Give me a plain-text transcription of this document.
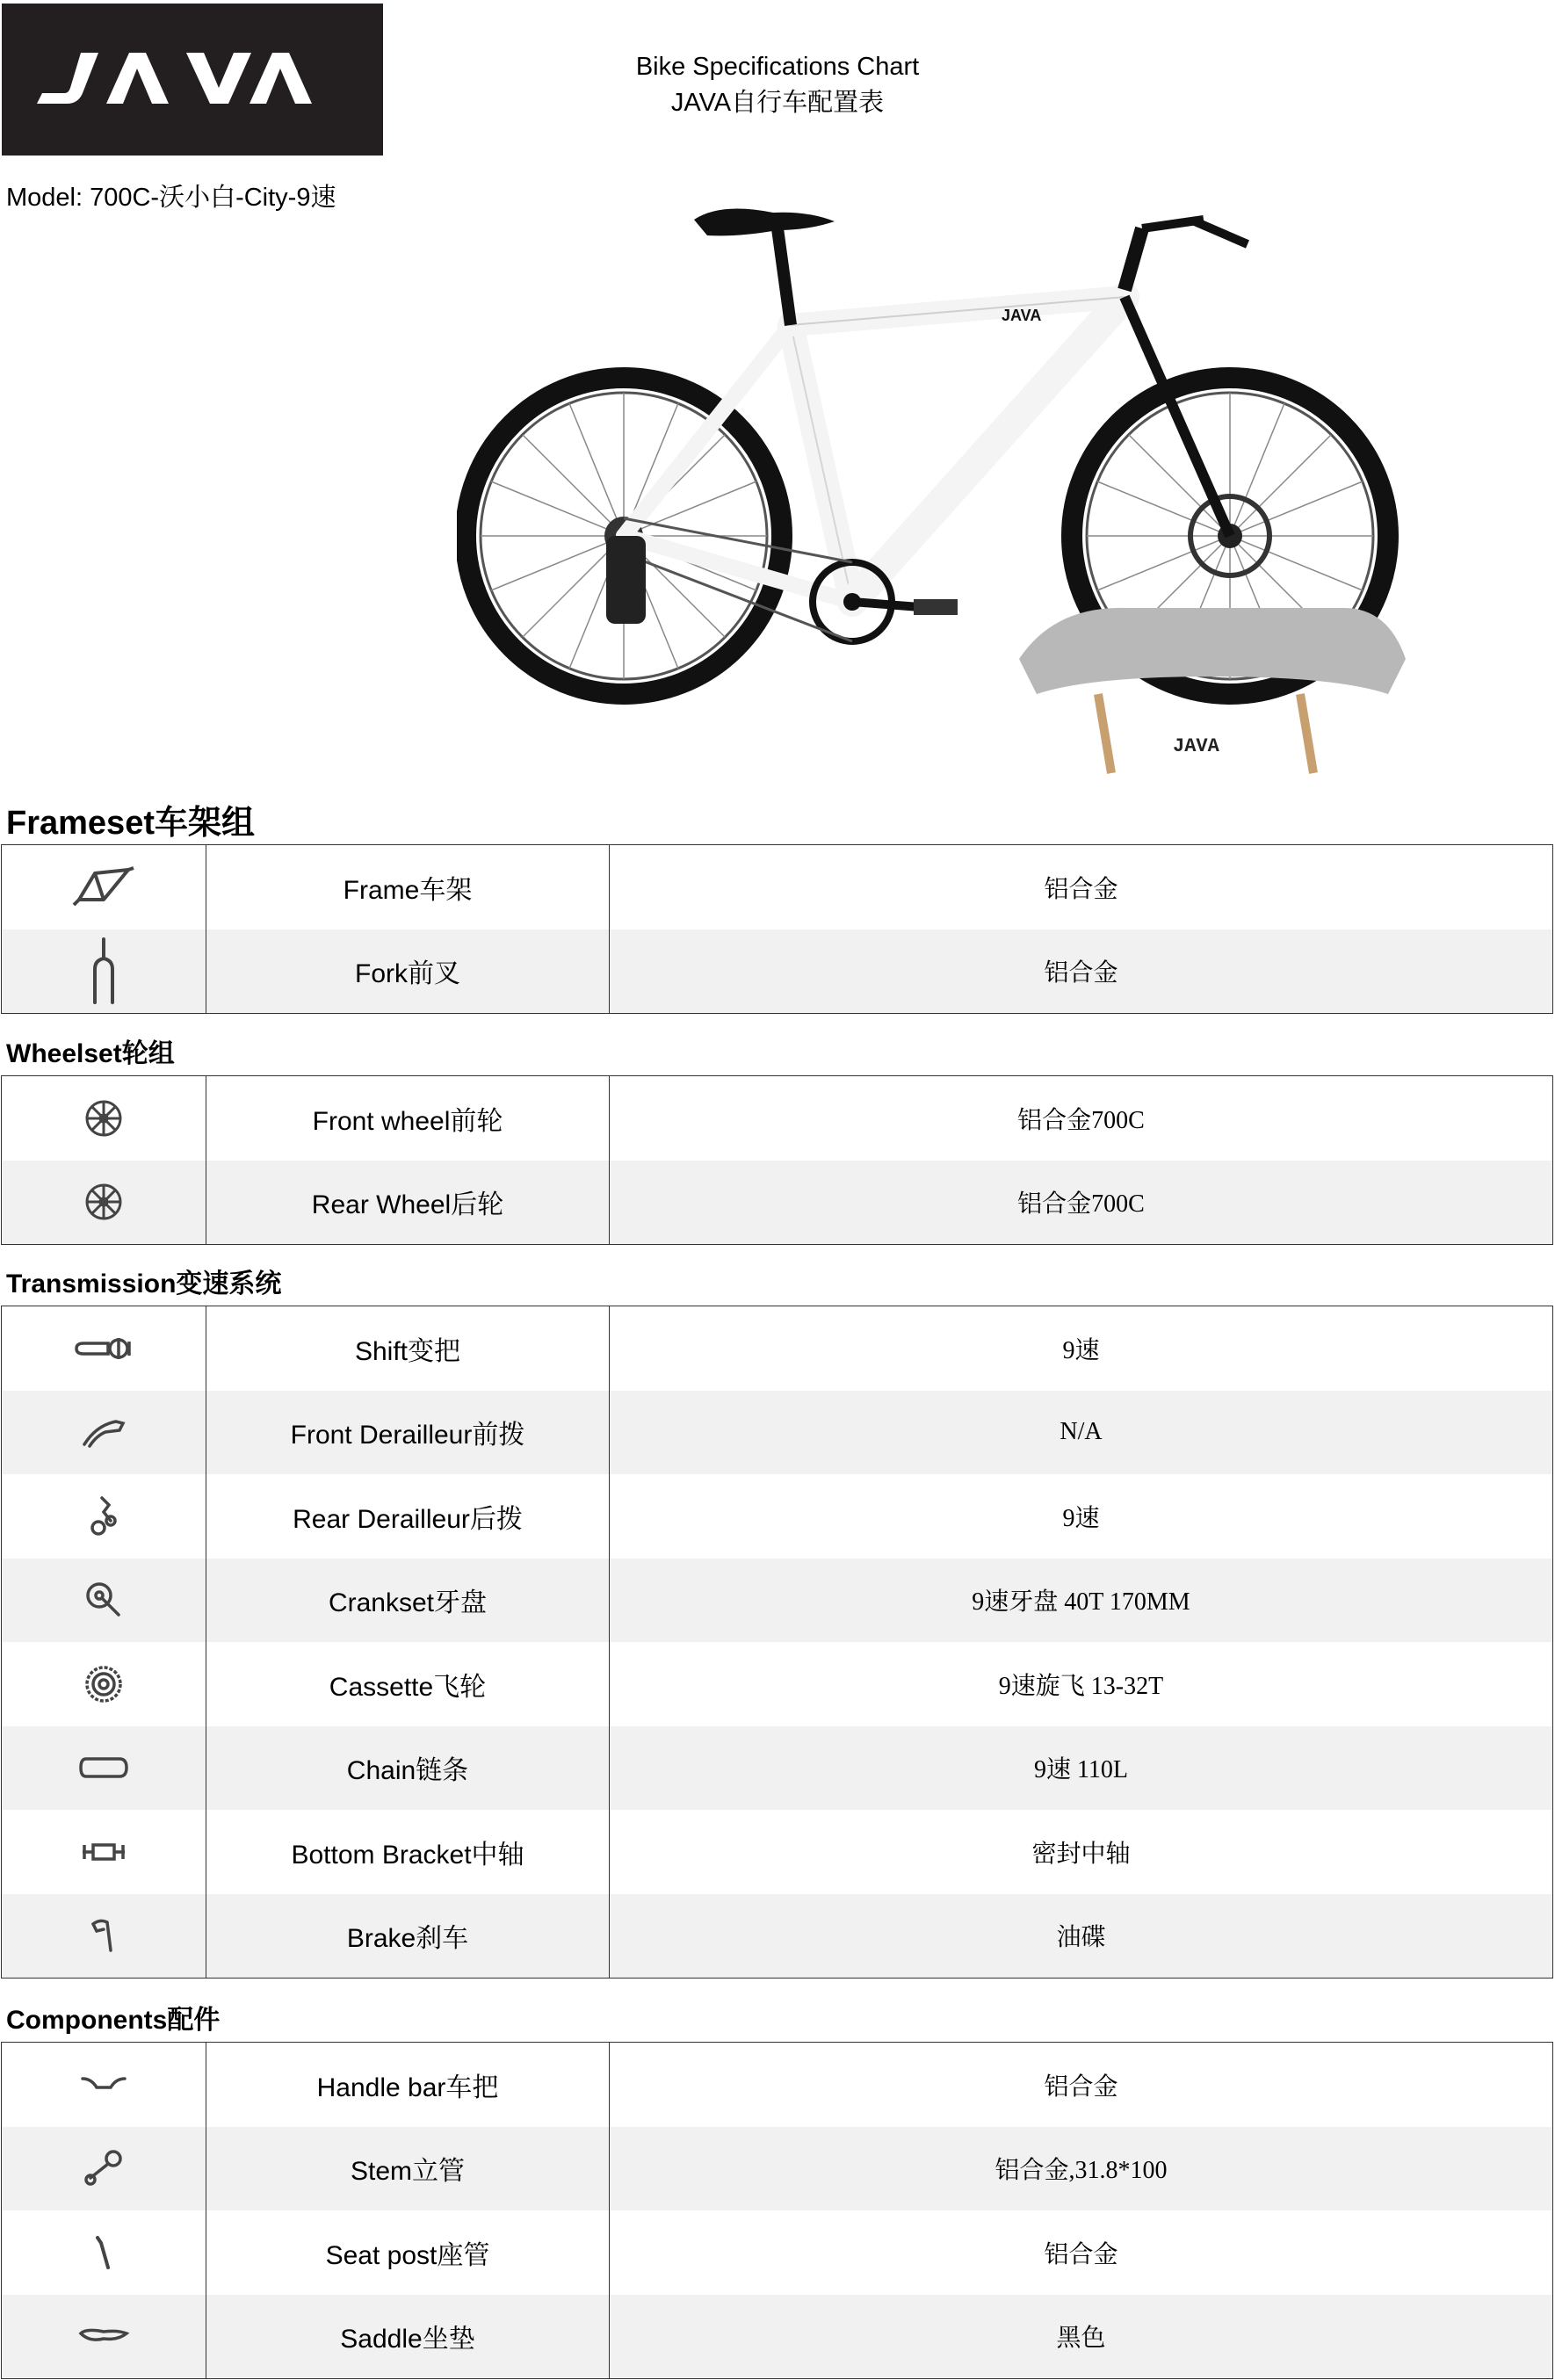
Bike Specifications Chart
JAVA自行车配置表
Model: 700C-沃小白-City-9速
JAVA
JAVA
Frameset车架组
	Frame车架	铝合金
	Fork前叉	铝合金
Wheelset轮组
	Front wheel前轮	铝合金700C
	Rear Wheel后轮	铝合金700C
Transmission变速系统
	Shift变把	9速
	Front Derailleur前拨	N/A
	Rear Derailleur后拨	9速
	Crankset牙盘	9速牙盘 40T 170MM
	Cassette飞轮	9速旋飞 13-32T
	Chain链条	9速 110L
	Bottom Bracket中轴	密封中轴
	Brake刹车	油碟
Components配件
	Handle bar车把	铝合金
	Stem立管	铝合金,31.8*100
	Seat post座管	铝合金
	Saddle坐垫	黑色
